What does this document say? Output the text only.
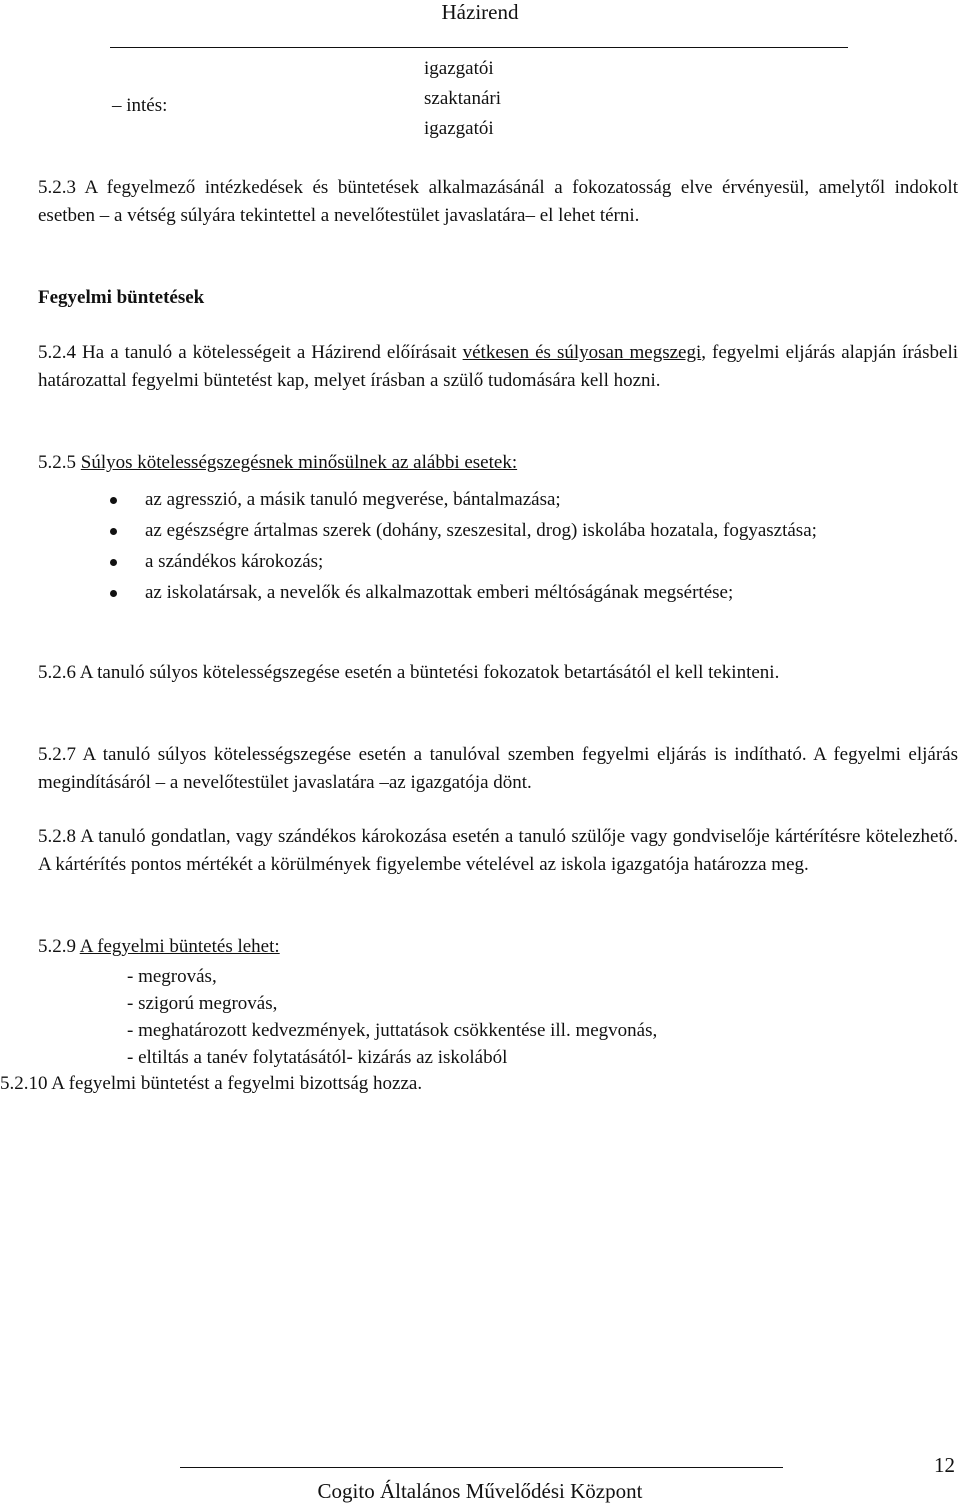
Házirend
– intés:
igazgatói
szaktanári
igazgatói

5.2.3 A fegyelmező intézkedések és büntetések alkalmazásánál a fokozatosság elve érvényesül, amelytől indokolt esetben – a vétség súlyára tekintettel a nevelőtestület javaslatára– el lehet térni.

Fegyelmi büntetések

5.2.4 Ha a tanuló a kötelességeit a Házirend előírásait vétkesen és súlyosan megszegi, fegyelmi eljárás alapján írásbeli határozattal fegyelmi büntetést kap, melyet írásban a szülő tudomására kell hozni.

5.2.5 Súlyos kötelességszegésnek minősülnek az alábbi esetek:

az agresszió, a másik tanuló megverése, bántalmazása;
az egészségre ártalmas szerek (dohány, szeszesital, drog) iskolába hozatala, fogyasztása;
a szándékos károkozás;
az iskolatársak, a nevelők és alkalmazottak emberi méltóságának megsértése;

5.2.6 A tanuló súlyos kötelességszegése esetén a büntetési fokozatok betartásától el kell tekinteni.

5.2.7 A tanuló súlyos kötelességszegése esetén a tanulóval szemben fegyelmi eljárás is indítható. A fegyelmi eljárás megindításáról – a nevelőtestület javaslatára –az igazgatója dönt.

5.2.8 A tanuló gondatlan, vagy szándékos károkozása esetén a tanuló szülője vagy gondviselője kártérítésre kötelezhető. A kártérítés pontos mértékét a körülmények figyelembe vételével az iskola igazgatója határozza meg.

5.2.9 A fegyelmi büntetés lehet:

- megrovás,
- szigorú megrovás,
- meghatározott kedvezmények, juttatások csökkentése ill. megvonás,
- eltiltás a tanév folytatásától- kizárás az iskolából

5.2.10 A fegyelmi büntetést a fegyelmi bizottság hozza.

Cogito Általános Művelődési Központ
12
